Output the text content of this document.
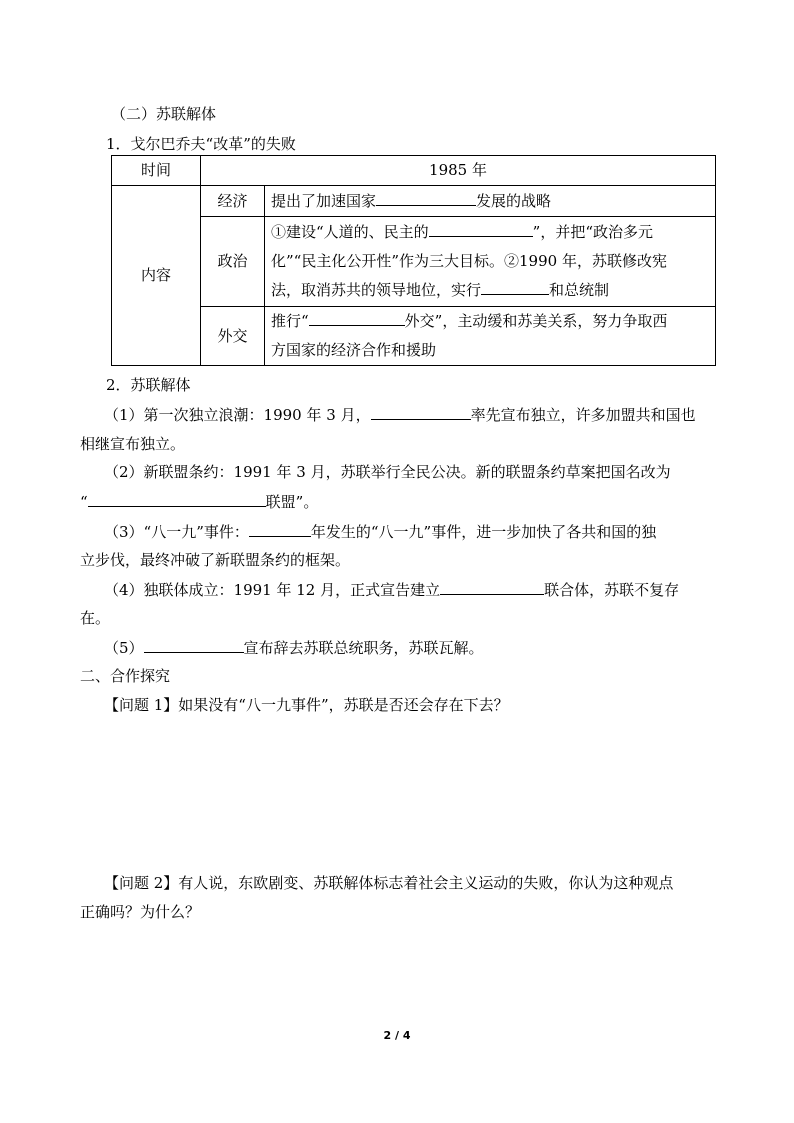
（二）苏联解体
1．戈尔巴乔夫“改革”的失败
时间	1985 年	
内容	经济	提出了加速国家 发展的战略
	政治	①建设“人道的、民主的 ”，并把“政治多元
化”“民主化公开性”作为三大目标。②1990 年，苏联修改宪
法，取消苏共的领导地位，实行 和总统制

	外交	推行“ 外交”，主动缓和苏美关系，努力争取西
方国家的经济合作和援助
2．苏联解体
（1）第一次独立浪潮：1990 年 3 月，	率先宣布独立，许多加盟共和国也
相继宣布独立。
（2）新联盟条约：1991 年 3 月，苏联举行全民公决。新的联盟条约草案把国名改为
“	联盟”。
（3）“八一九”事件：	年发生的“八一九”事件，进一步加快了各共和国的独
立步伐，最终冲破了新联盟条约的框架。
（4）独联体成立：1991 年 12 月，正式宣告建立	联合体，苏联不复存
在。
（5）	宣布辞去苏联总统职务，苏联瓦解。
二、合作探究
【问题 1】如果没有“八一九事件”，苏联是否还会存在下去？
【问题 2】有人说，东欧剧变、苏联解体标志着社会主义运动的失败，你认为这种观点
正确吗？为什么？
2 / 4
